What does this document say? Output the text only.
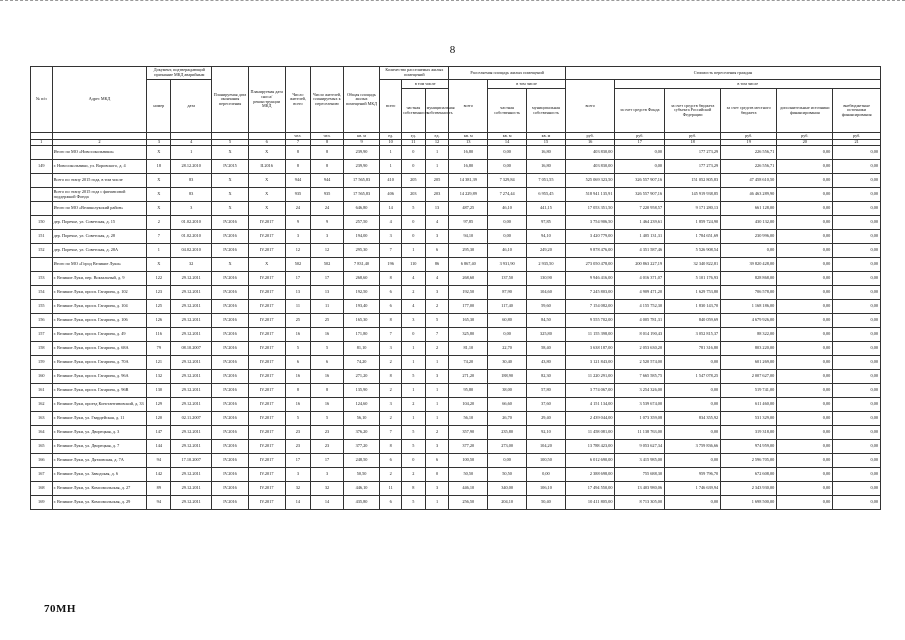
8
№ п/п	Адрес МКД	Документ, подтверждающий признание МКД аварийным		Планируемая дата окончания переселения	Планируемая дата сноса/ реконструкции МКД	Число жителей, всего	Число жителей, планируемых к переселению	Общая площадь жилых помещений МКД	Количество расселяемых жилых помещений			Расселяемая площадь жилых помещений			Стоимость переселения граждан					
		номер	дата						всего	в том числе		всего	в том числе		всего	в том числе				
										частная собственность	муниципальная собственность		частная собственность	муниципальная собственность		за счет средств Фонда	за счет средств бюджета субъекта Российской Федерации	за счет средств местного бюджета	дополнительные источники финансирования	внебюджетные источники финансирования
						чел.	чел.	кв. м	ед.	ед.	ед.	кв. м	кв. м	кв. м	руб.	руб.	руб.	руб.	руб.	руб.
1	2	3	4	5	6	7	8	9	10	11	12	13	14	15	16	17	18	19	20	21
	Итого по МО «Новосокольники»	X	1	X	X	8	8	239,90	1	0	1	16,80	0,00	16,80	403 830,00	0,00	177 273,29	226 556,71	0,00	0,00
149	г. Новосокольники, ул. Воровского, д. 4	18	28.12.2010	IV.2015	II.2016	8	8	239,90	1	0	1	16,80	0,00	16,80	403 830,00	0,00	177 273,29	226 556,71	0,00	0,00
	Всего по этапу 2015 года, в том числе	X	83	X	X	944	944	17 565,83	410	205	205	14 381,39	7 329,84	7 051,55	525 069 323,50	326 557 907,16	151 052 805,83	47 458 610,50	0,00	0,00
	Всего по этапу 2015 года с финансовой поддержкой Фонда	X	83	X	X	935	935	17 565,83	406	203	203	14 229,89	7 274,44	6 955,45	518 941 135,91	326 557 907,16	145 919 938,85	46 463 289,90	0,00	0,00
	Итого по МО «Великолукский район»	X	3	X	X	24	24	646,80	14	5	13	487,25	46,10	441,15	17 053 351,50	7 220 958,57	9 171 280,13	661 128,00	0,00	0,00
150	дер. Поречье, ул. Советская, д. 15	2	01.02.2010	IV.2016	IV.2017	9	9	257,50	4	0	4	97,85	0,00	97,85	3 754 906,50	1 464 239,61	1 859 724,90	430 132,00	0,00	0,00
151	дер. Поречье, ул. Советская, д. 28	7	01.02.2010	IV.2016	IV.2017	3	3	194,00	3	0	3	94,10	0,00	94,10	3 420 779,00	1 405 131,31	1 784 651,69	230 996,00	0,00	0,00
152	дер. Поречье, ул. Советская, д. 28А	1	04.02.2010	IV.2016	IV.2017	12	12	295,30	7	1	6	295,30	46,10	249,20	9 878 476,00	4 351 587,46	5 526 908,54	0,00	0,00	0,00
	Итого по МО «Город Великие Луки»	X	32	X	X	502	502	7 831,40	196	110	86	6 867,40	3 931,90	2 935,50	273 050 478,00	200 863 227,19	32 340 822,81	39 820 428,00	0,00	0,00
153	г. Великие Луки, пер. Вокзальный, д. 9	122	29.12.2011	IV.2016	IV.2017	17	17	268,60	8	4	4	268,60	137,50	130,90	9 946 416,00	4 016 371,07	5 101 176,93	828 868,00	0,00	0,00
154	г. Великие Луки, просп. Гагарина, д. 102	123	29.12.2011	IV.2016	IV.2017	13	13	192,50	6	2	3	192,50	87,90	104,60	7 245 803,00	4 909 471,20	1 629 753,80	706 578,00	0,00	0,00
155	г. Великие Луки, просп. Гагарина, д. 104	125	29.12.2011	IV.2016	IV.2017	11	11	193,40	6	4	2	177,00	117,40	59,60	7 154 082,00	4 155 752,30	1 830 143,70	1 168 186,00	0,00	0,00
156	г. Великие Луки, просп. Гагарина, д. 106	126	29.12.2011	IV.2016	IV.2017	25	25	165,30	8	3	5	165,30	60,80	84,50	9 555 702,00	4 005 781,31	840 059,69	4 679 926,00	0,00	0,00
157	г. Великие Луки, просп. Гагарина, д. 49	116	29.12.2011	IV.2016	IV.2017	16	16	171,80	7	0	7	325,80	0,00	325,80	11 155 398,00	8 014 190,43	3 052 815,37	88 322,00	0,00	0,00
158	г. Великие Луки, просп. Гагарина, д. 68А	79	08.10.2007	IV.2016	IV.2017	5	5	81,10	3	1	2	81,10	22,70	58,40	3 638 187,00	2 053 630,20	781 316,80	803 220,00	0,00	0,00
159	г. Великие Луки, просп. Гагарина, д. 70А	121	29.12.2011	IV.2016	IV.2017	6	6	74,20	2	1	1	74,20	30,40	43,80	3 121 843,00	2 520 574,00	0,00	601 269,00	0,00	0,00
160	г. Великие Луки, просп. Гагарина, д. 96А	132	29.12.2011	IV.2016	IV.2017	16	16	271,20	8	5	3	271,20	188,90	82,30	11 220 291,00	7 665 585,75	1 547 078,25	2 007 627,00	0,00	0,00
161	г. Великие Луки, просп. Гагарина, д. 96В	130	29.12.2011	IV.2016	IV.2017	8	8	135,90	2	1	1	95,80	38,00	57,80	3 774 067,00	3 254 326,00	0,00	519 741,00	0,00	0,00
162	г. Великие Луки, проезд Константиновский, д. 33	129	29.12.2011	IV.2016	IV.2017	16	16	124,60	3	2	1	104,20	66,60	37,60	4 151 134,00	3 539 674,00	0,00	611 460,00	0,00	0,00
163	г. Великие Луки, ул. Гвардейская, д. 11	120	02.11.2007	IV.2016	IV.2017	5	5	56,10	2	1	1	56,10	26,70	29,40	2 439 044,00	1 073 359,08	834 355,92	531 329,00	0,00	0,00
164	г. Великие Луки, ул. Дворецкая, д. 3	147	29.12.2011	IV.2016	IV.2017	23	23	376,20	7	5	2	357,90	235,80	92,10	11 458 081,00	11 138 763,00	0,00	319 318,00	0,00	0,00
165	г. Великие Луки, ул. Дворецкая, д. 7	144	29.12.2011	IV.2016	IV.2017	23	23	377,20	8	5	3	377,20	273,00	104,20	13 788 423,00	9 053 627,34	3 759 836,66	974 959,00	0,00	0,00
166	г. Великие Луки, ул. Дятловская, д. 7А	94	17.10.2007	IV.2016	IV.2017	17	17	248,50	6	0	6	100,50	0,00	100,50	6 012 690,00	3 415 985,00	0,00	2 596 705,00	0,00	0,00
167	г. Великие Луки, ул. Заводская, д. 6	142	29.12.2011	IV.2016	IV.2017	3	3	50,50	2	2	0	50,50	50,50	0,00	2 388 698,00	755 688,30	959 796,70	672 608,00	0,00	0,00
168	г. Великие Луки, ул. Комсомольская, д. 27	89	29.12.2011	IV.2016	IV.2017	32	32	446,10	11	8	3	446,10	340,00	106,10	17 494 550,00	13 403 980,06	1 746 639,94	2 343 930,00	0,00	0,00
169	г. Великие Луки, ул. Комсомольская, д. 29	94	29.12.2011	IV.2016	IV.2017	14	14	435,80	6	5	1	256,50	204,10	50,40	10 411 805,00	8 713 305,00	0,00	1 698 500,00	0,00	0,00
70МН
